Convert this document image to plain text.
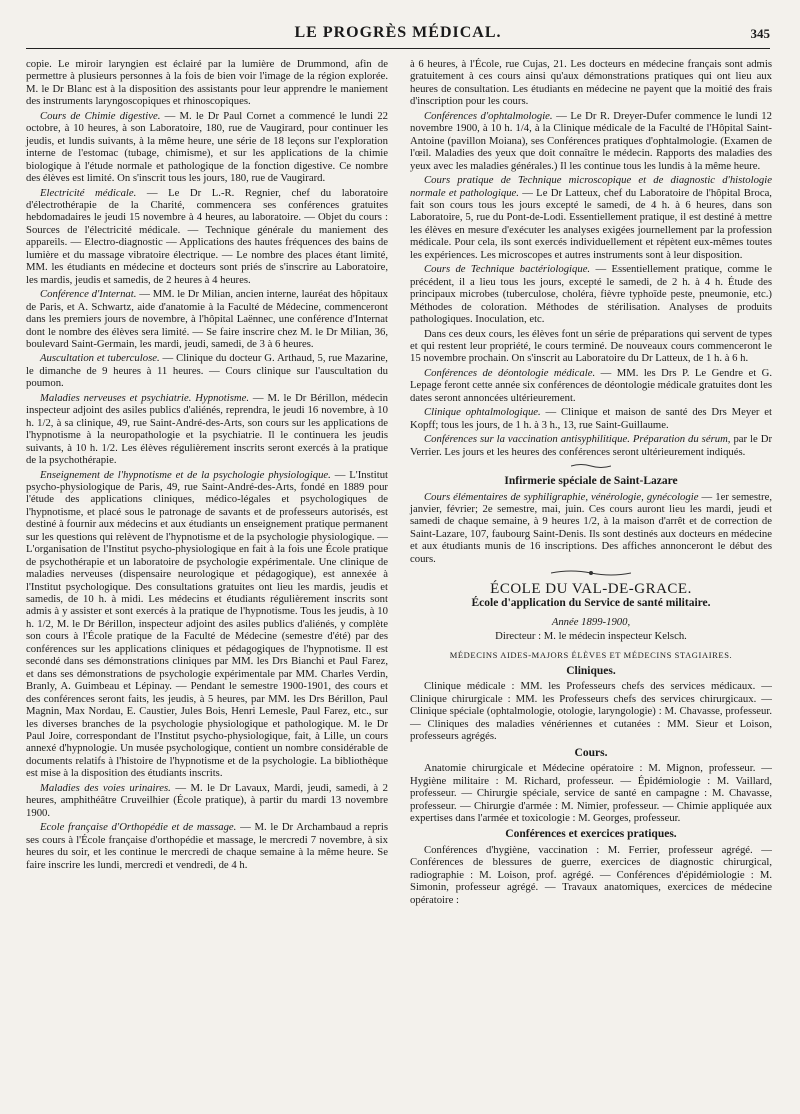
LE PROGRÈS MÉDICAL.	345

copie. Le miroir laryngien est éclairé par la lumière de Drummond, afin de permettre à plusieurs personnes à la fois de bien voir l'image de la région explorée. M. le Dr Blanc est à la disposition des assistants pour leur apprendre le maniement des instruments laryngoscopiques et rhinoscopiques.

Cours de Chimie digestive. — M. le Dr Paul Cornet a commencé le lundi 22 octobre, à 10 heures, à son Laboratoire, 180, rue de Vaugirard, pour continuer les jeudis, et lundis suivants, à la même heure, une série de 18 leçons sur l'exploration interne de l'estomac (tubage, chimisme), et sur les applications de la chimie biologique à l'étude normale et pathologique de la fonction digestive. Ce nombre des élèves est limité. On s'inscrit tous les jours, 180, rue de Vaugirard.

Electricité médicale. — Le Dr L.-R. Regnier, chef du laboratoire d'électrothérapie de la Charité, commencera ses conférences gratuites hebdomadaires le jeudi 15 novembre à 4 heures, au laboratoire. — Objet du cours : Sources de l'électricité médicale. — Technique générale du maniement des appareils. — Electro-diagnostic — Applications des hautes fréquences des bains de lumière et du massage vibratoire électrique. — Le nombre des places étant limité, MM. les étudiants en médecine et docteurs sont priés de s'inscrire au Laboratoire, les mardis, jeudis et samedis, de 2 heures à 4 heures.

Conférence d'Internat. — MM. le Dr Milian, ancien interne, lauréat des hôpitaux de Paris, et A. Schwartz, aide d'anatomie à la Faculté de Médecine, commenceront dans les premiers jours de novembre, à l'hôpital Laënnec, une conférence d'Internat dont le nombre des élèves sera limité. — Se faire inscrire chez M. le Dr Milian, 36, boulevard Saint-Germain, les mardi, jeudi, samedi, de 3 à 6 heures.

Auscultation et tuberculose. — Clinique du docteur G. Arthaud, 5, rue Mazarine, le dimanche de 9 heures à 11 heures. — Cours clinique sur l'auscultation du poumon.

Maladies nerveuses et psychiatrie. Hypnotisme. — M. le Dr Bérillon, médecin inspecteur adjoint des asiles publics d'aliénés, reprendra, le jeudi 16 novembre, à 10 h. 1/2, à sa clinique, 49, rue Saint-André-des-Arts, son cours sur les applications de l'hypnotisme à la neuropathologie et la psychiatrie. Il le continuera les jeudis suivants, à 10 h. 1/2. Les élèves régulièrement inscrits seront exercés à la pratique de la psychothérapie.

Enseignement de l'hypnotisme et de la psychologie physiologique. — L'Institut psycho-physiologique de Paris, 49, rue Saint-André-des-Arts, fondé en 1889 pour l'étude des applications cliniques, médico-légales et psychologiques de l'hypnotisme, et placé sous le patronage de savants et de professeurs autorisés, est destiné à fournir aux médecins et aux étudiants un enseignement pratique permanent sur les questions qui relèvent de l'hypnotisme et de la psychologie physiologique. — L'organisation de l'Institut psycho-physiologique en fait à la fois une École pratique de psychothérapie et un laboratoire de psychologie expérimentale. Une clinique de maladies nerveuses (dispensaire neurologique et pédagogique), est annexée à l'Institut psychologique. Des consultations gratuites ont lieu les mardis, jeudis et samedis, de 10 h. à midi. Les médecins et étudiants régulièrement inscrits sont admis à y assister et sont exercés à la pratique de l'hypnotisme. Tous les jeudis, à 10 h. 1/2, M. le Dr Bérillon, inspecteur adjoint des asiles publics d'aliénés, y complète son cours à l'École pratique de la Faculté de Médecine (semestre d'été) par des conférences sur les applications cliniques et pédagogiques de l'hypnotisme. Il est secondé dans ses démonstrations cliniques par MM. les Drs Bianchi et Paul Farez, et dans ses démonstrations de psychologie expérimentale par MM. Charles Verdin, Branly, A. Guimbeau et Lépinay. — Pendant le semestre 1900-1901, des cours et des conférences seront faits, les jeudis, à 5 heures, par MM. les Drs Bérillon, Paul Magnin, Max Nordau, E. Caustier, Jules Bois, Henri Lemesle, Paul Farez, etc., sur les diverses branches de la psychologie physiologique et pathologique. M. le Dr Paul Joire, correspondant de l'Institut psycho-physiologique, fait, à Lille, un cours annexé d'hypnologie. Un musée psychologique, contient un nombre considérable de documents relatifs à l'histoire de l'hypnotisme et de la psychologie. La bibliothèque est mise à la disposition des étudiants inscrits.

Maladies des voies urinaires. — M. le Dr Lavaux, Mardi, jeudi, samedi, à 2 heures, amphithéâtre Cruveilhier (École pratique), à partir du mardi 13 novembre 1900.

Ecole française d'Orthopédie et de massage. — M. le Dr Archambaud a repris ses cours à l'École française d'orthopédie et massage, le mercredi 7 novembre, à six heures du soir, et les continue le mercredi de chaque semaine à la même heure. Se faire inscrire les lundi, mercredi et vendredi, de 4 h.

à 6 heures, à l'École, rue Cujas, 21. Les docteurs en médecine français sont admis gratuitement à ces cours ainsi qu'aux démonstrations pratiques qui ont lieu aux heures de consultation. Les étudiants en médecine ne payent que la moitié des frais d'inscription pour les cours.

Conférences d'ophtalmologie. — Le Dr R. Dreyer-Dufer commence le lundi 12 novembre 1900, à 10 h. 1/4, à la Clinique médicale de la Faculté de l'Hôpital Saint-Antoine (pavillon Moiana), ses Conférences pratiques d'ophtalmologie. (Examen de l'œil. Maladies des yeux que doit connaître le médecin. Rapports des maladies des yeux avec les maladies générales.) Il les continue tous les lundis à la même heure.

Cours pratique de Technique microscopique et de diagnostic d'histologie normale et pathologique. — Le Dr Latteux, chef du Laboratoire de l'hôpital Broca, fait son cours tous les jours excepté le samedi, de 4 h. à 6 heures, dans son Laboratoire, 5, rue du Pont-de-Lodi. Essentiellement pratique, il est destiné à mettre les élèves en mesure d'exécuter les analyses exigées journellement par la profession médicale. Pour cela, ils sont exercés individuellement et répètent eux-mêmes toutes les expériences. Les microscopes et autres instruments sont à leur disposition.

Cours de Technique bactériologique. — Essentiellement pratique, comme le précédent, il a lieu tous les jours, excepté le samedi, de 2 h. à 4 h. Étude des principaux microbes (tuberculose, choléra, fièvre typhoïde peste, pneumonie, etc.) Méthodes de coloration. Méthodes de stérilisation. Analyses de produits pathologiques. Inoculation, etc.

Dans ces deux cours, les élèves font un série de préparations qui servent de types et qui restent leur propriété, le cours terminé. De nouveaux cours commenceront le 15 novembre prochain. On s'inscrit au Laboratoire du Dr Latteux, de 1 h. à 6 h.

Conférences de déontologie médicale. — MM. les Drs P. Le Gendre et G. Lepage feront cette année six conférences de déontologie médicale gratuites dont les dates seront annoncées ultérieurement.

Clinique ophtalmologique. — Clinique et maison de santé des Drs Meyer et Kopff; tous les jours, de 1 h. à 3 h., 13, rue Saint-Guillaume.

Conférences sur la vaccination antisyphilitique. Préparation du sérum, par le Dr Verrier. Les jours et les heures des conférences seront ultérieurement indiqués.

Infirmerie spéciale de Saint-Lazare

Cours élémentaires de syphiligraphie, vénérologie, gynécologie — 1er semestre, janvier, février; 2e semestre, mai, juin. Ces cours auront lieu les mardi, jeudi et samedi de chaque semaine, à 9 heures 1/2, à la maison d'arrêt et de correction de Saint-Lazare, 107, faubourg Saint-Denis. Ils sont destinés aux docteurs en médecine et aux étudiants munis de 16 inscriptions. Des affiches annonceront le début des cours.

ÉCOLE DU VAL-DE-GRACE.
École d'application du Service de santé militaire.

Année 1899-1900,

Directeur : M. le médecin inspecteur Kelsch.

MÉDECINS AIDES-MAJORS ÉLÈVES ET MÉDECINS STAGIAIRES.
Cliniques.

Clinique médicale : MM. les Professeurs chefs des services médicaux. — Clinique chirurgicale : MM. les Professeurs chefs des services chirurgicaux. — Clinique spéciale (ophtalmologie, otologie, laryngologie) : M. Chavasse, professeur. — Cliniques des maladies vénériennes et cutanées : MM. Sieur et Loison, professeurs agrégés.

Cours.

Anatomie chirurgicale et Médecine opératoire : M. Mignon, professeur. — Hygiène militaire : M. Richard, professeur. — Épidémiologie : M. Vaillard, professeur. — Chirurgie spéciale, service de santé en campagne : M. Chavasse, professeur. — Chirurgie d'armée : M. Nimier, professeur. — Chimie appliquée aux expertises dans l'armée et toxicologie : M. Georges, professeur.

Conférences et exercices pratiques.

Conférences d'hygiène, vaccination : M. Ferrier, professeur agrégé. — Conférences de blessures de guerre, exercices de diagnostic chirurgical, radiographie : M. Loison, prof. agrégé. — Conférences d'épidémiologie : M. Simonin, professeur agrégé. — Travaux anatomiques, exercices de médecine opératoire :
